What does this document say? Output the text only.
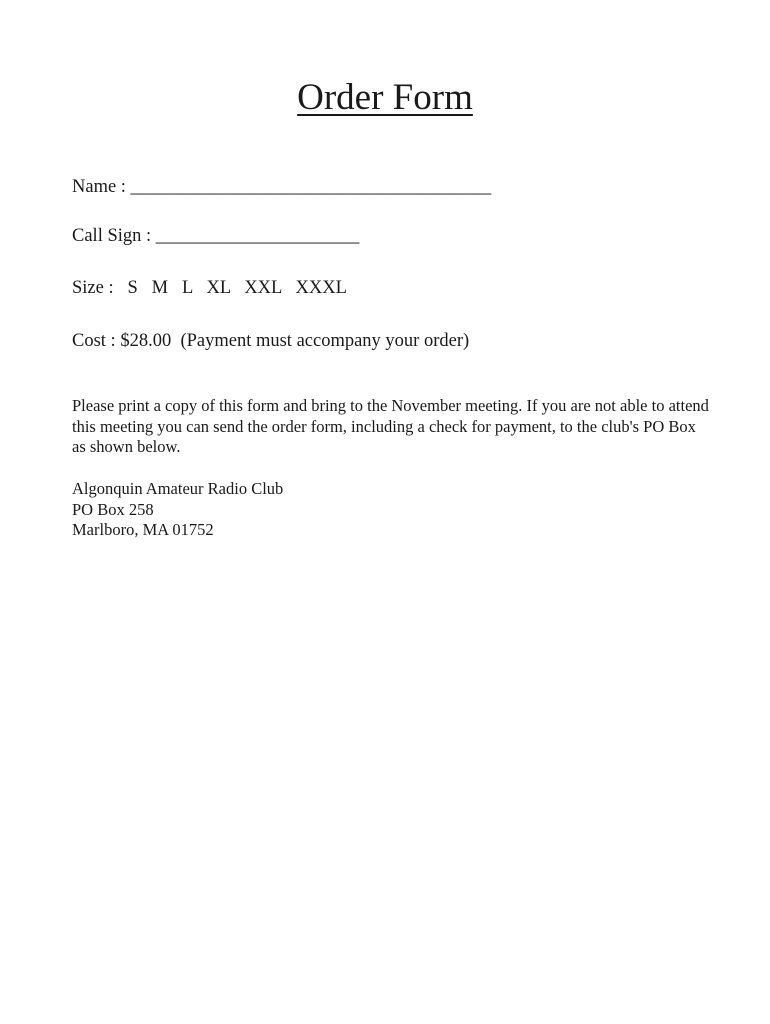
Order Form
Name : _______________________________________
Call Sign : ______________________
Size :   S   M   L   XL   XXL   XXXL
Cost : $28.00  (Payment must accompany your order)

Please print a copy of this form and bring to the November meeting. If you are not able to attend this meeting you can send the order form, including a check for payment, to the club's PO Box as shown below.

Algonquin Amateur Radio Club
PO Box 258
Marlboro, MA 01752
